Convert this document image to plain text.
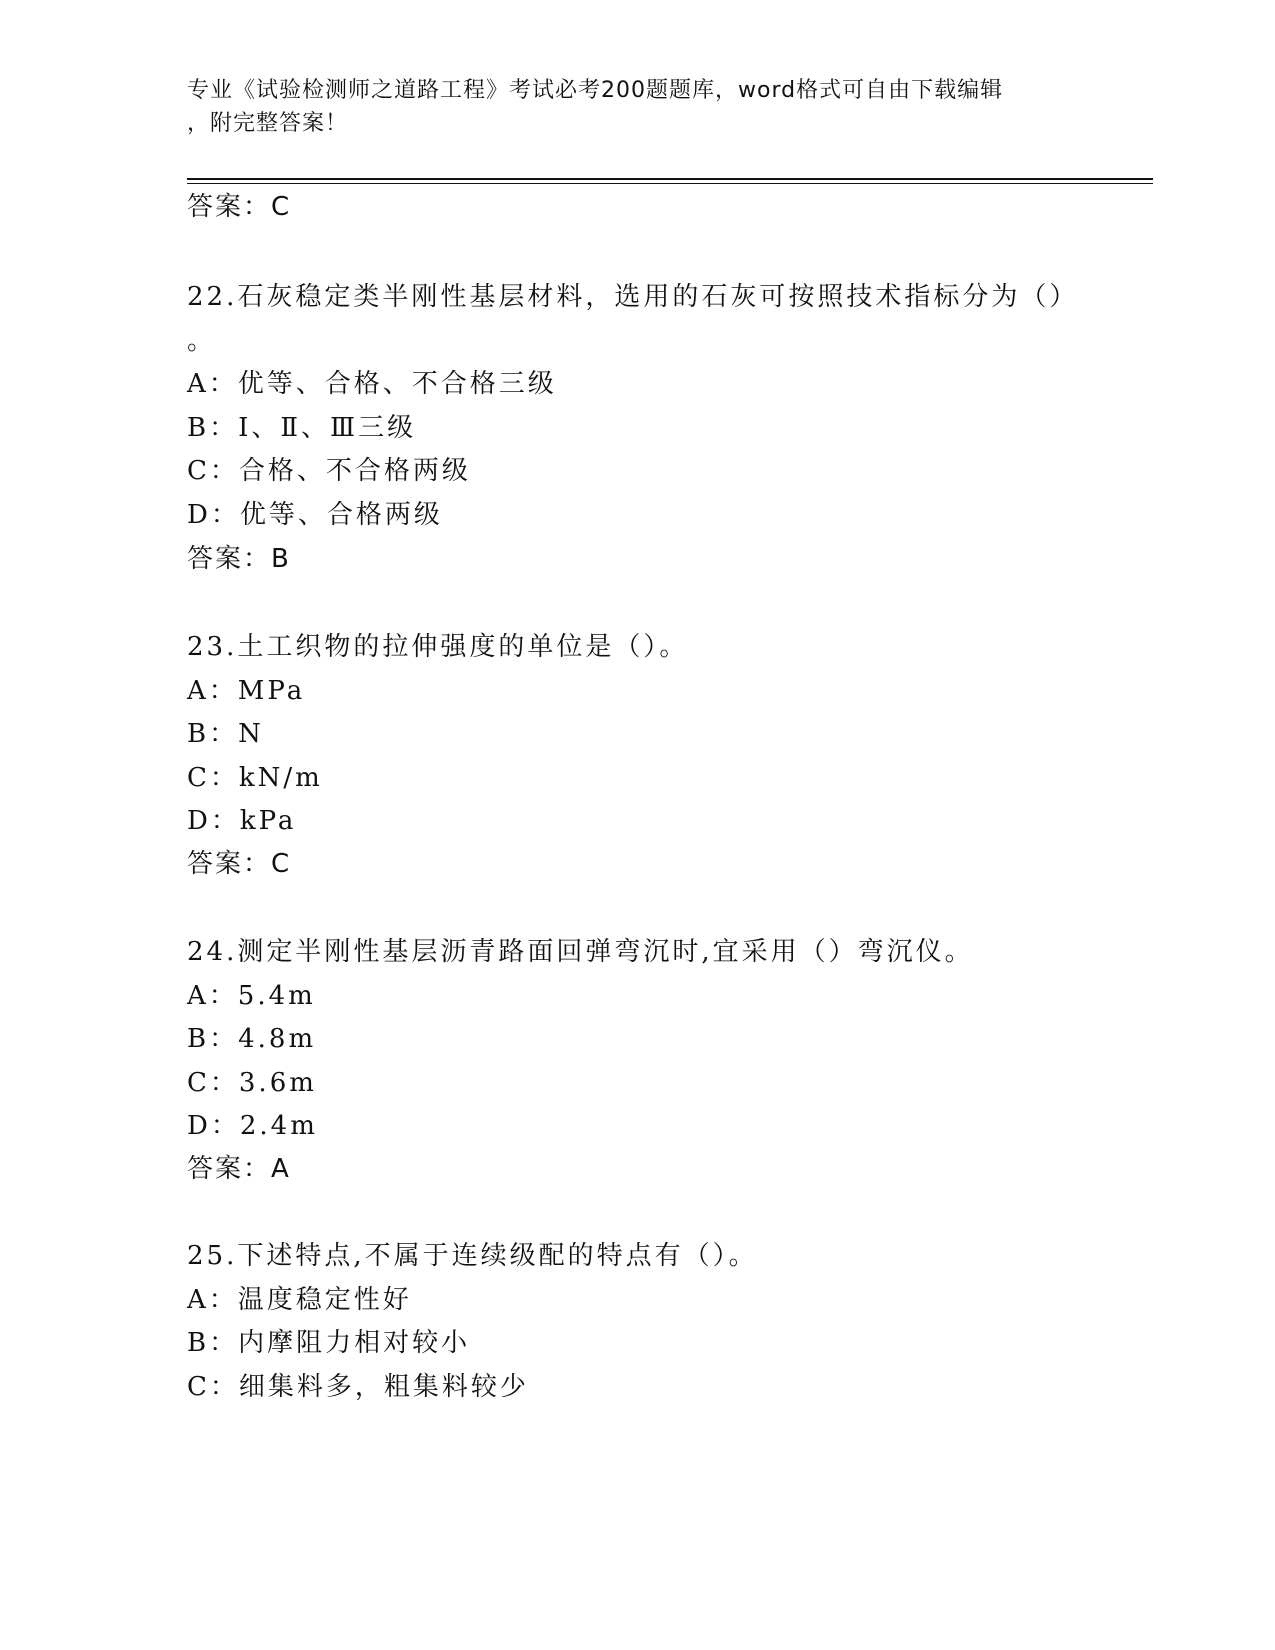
专业《试验检测师之道路工程》考试必考200题题库，word格式可自由下载编辑
，附完整答案！
答案：C
22.石灰稳定类半刚性基层材料，选用的石灰可按照技术指标分为（）
。
A：优等、合格、不合格三级
B：Ⅰ、Ⅱ、Ⅲ三级
C：合格、不合格两级
D：优等、合格两级
答案：B
23.土工织物的拉伸强度的单位是（）。
A：MPa
B：N
C：kN/m
D：kPa
答案：C
24.测定半刚性基层沥青路面回弹弯沉时,宜采用（）弯沉仪。
A：5.4m
B：4.8m
C：3.6m
D：2.4m
答案：A
25.下述特点,不属于连续级配的特点有（）。
A：温度稳定性好
B：内摩阻力相对较小
C：细集料多，粗集料较少
